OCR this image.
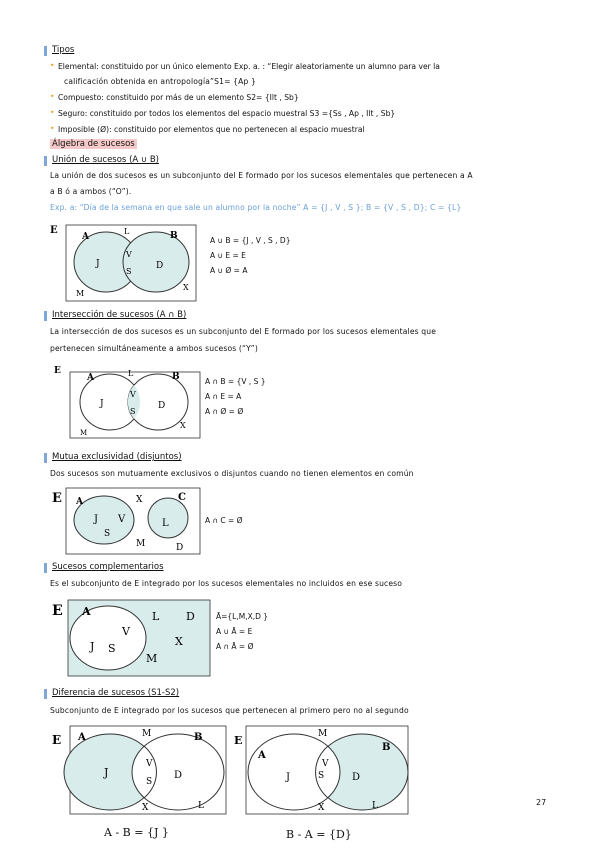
Tipos
• Elemental: constituido por un único elemento Exp. a. : “Elegir aleatoriamente un alumno para ver la
calificación obtenida en antropología”S1= {Ap }
• Compuesto: constituido por más de un elemento S2= {Ilt , Sb}
• Seguro: constituido por todos los elementos del espacio muestral S3 ={Ss , Ap , Ilt , Sb}
• Imposible (Ø): constituido por elementos que no pertenecen al espacio muestral
Álgebra de sucesos
Unión de sucesos (A ∪ B)
La unión de dos sucesos es un subconjunto del E formado por los sucesos elementales que pertenecen a A
a B ó a ambos (“O”).
Exp. a: “Día de la semana en que sale un alumno por la noche” A = {J , V , S }; B = {V , S , D}; C = {L}
E
A
L	B
J
V
S
D
M
X
A ∪ B = {J , V , S , D}
A ∪ E = E
A ∪ Ø = A
Intersección de sucesos (A ∩ B)
La intersección de dos sucesos es un subconjunto del E formado por los sucesos elementales que
pertenecen simultáneamente a ambos sucesos (“Y”)
E
A	L	B
J
V
S
D
M
X
A ∩ B = {V , S }
A ∩ E = A
A ∩ Ø = Ø
Mutua exclusividad (disjuntos)
Dos sucesos son mutuamente exclusivos o disjuntos cuando no tienen elementos en común
E A	X	C
J V
S
L
M	D
A ∩ C = Ø
Sucesos complementarios
Es el subconjunto de E integrado por los sucesos elementales no incluidos en ese suceso
E A	L D
V
X
J S
M
Ā={L,M,X,D }
A ∪ Ā = E
A ∩ Ā = Ø
Diferencia de sucesos (S1-S2)
Subconjunto de E integrado por los sucesos que pertenecen al primero pero no al segundo
E A	M	B
J
V
S
D
X	L
A - B = {J }
E
A
M
B
J
V
S	D
X	L
B - A = {D}
27
